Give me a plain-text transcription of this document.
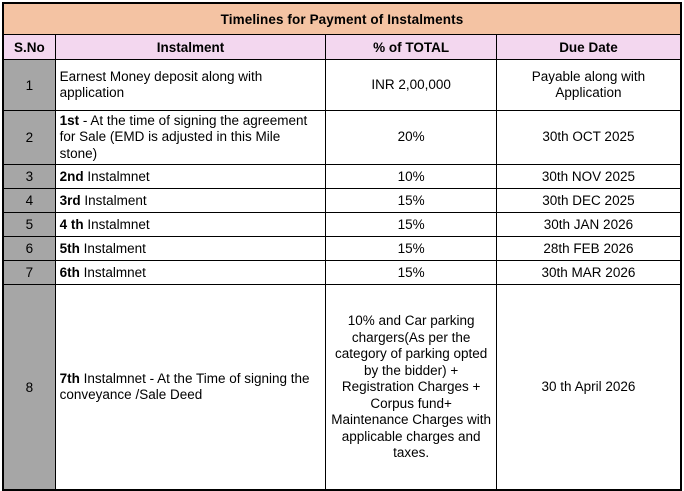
Timelines for Payment of Instalments			
S.No	Instalment	% of TOTAL	Due Date
1	Earnest Money deposit along with application	INR 2,00,000	Payable along with Application
2	1st - At the time of signing the agreement for Sale (EMD is adjusted in this Mile stone)	20%	30th OCT 2025
3	2nd Instalmnet	10%	30th NOV 2025
4	3rd Instalment	15%	30th DEC 2025
5	4 th Instalmnet	15%	30th JAN 2026
6	5th Instalment	15%	28th FEB 2026
7	6th Instalmnet	15%	30th MAR 2026
8	7th Instalmnet - At the Time of signing the conveyance /Sale Deed	10% and Car parking chargers(As per the category of parking opted by the bidder) + Registration Charges + Corpus fund+ Maintenance Charges with applicable charges and taxes.	30 th April 2026
